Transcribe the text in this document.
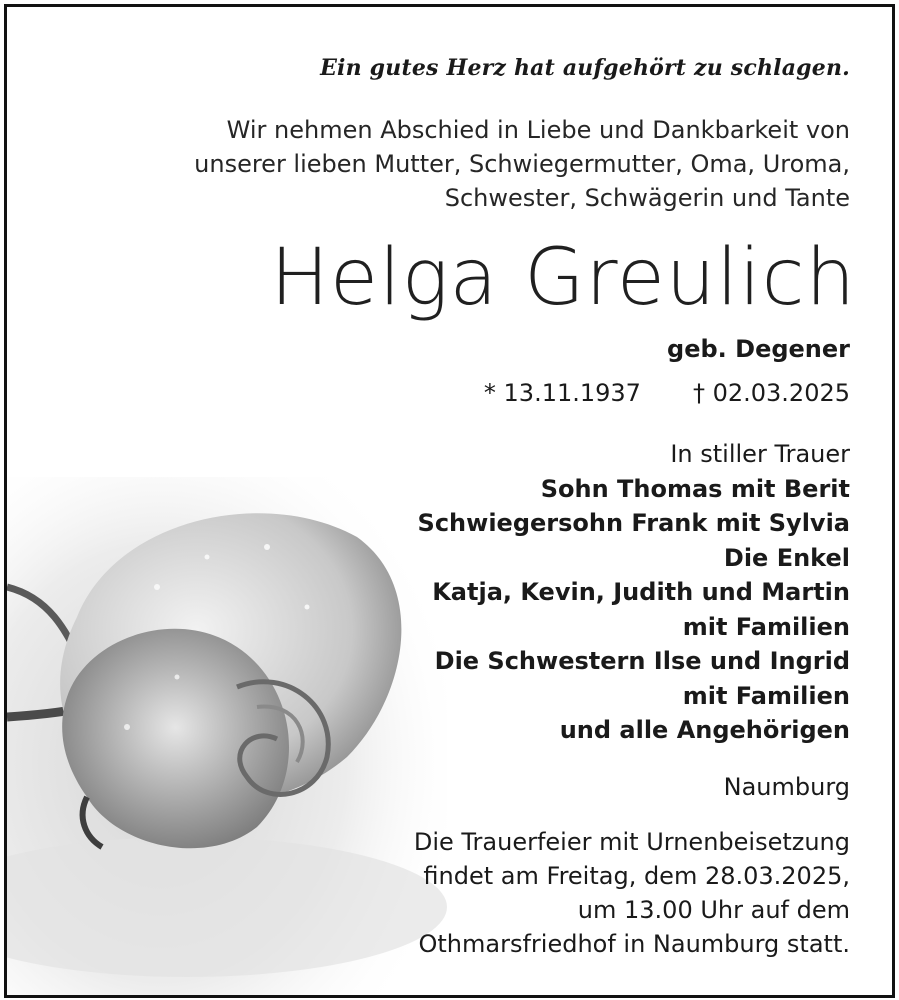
Ein gutes Herz hat aufgehört zu schlagen.
Wir nehmen Abschied in Liebe und Dankbarkeit von
unserer lieben Mutter, Schwiegermutter, Oma, Uroma,
Schwester, Schwägerin und Tante
Helga Greulich
geb. Degener
* 13.11.1937 † 02.03.2025
In stiller Trauer
Sohn Thomas mit Berit
Schwiegersohn Frank mit Sylvia
Die Enkel
Katja, Kevin, Judith und Martin
mit Familien
Die Schwestern Ilse und Ingrid
mit Familien
und alle Angehörigen
Naumburg
Die Trauerfeier mit Urnenbeisetzung
findet am Freitag, dem 28.03.2025,
um 13.00 Uhr auf dem
Othmarsfriedhof in Naumburg statt.
